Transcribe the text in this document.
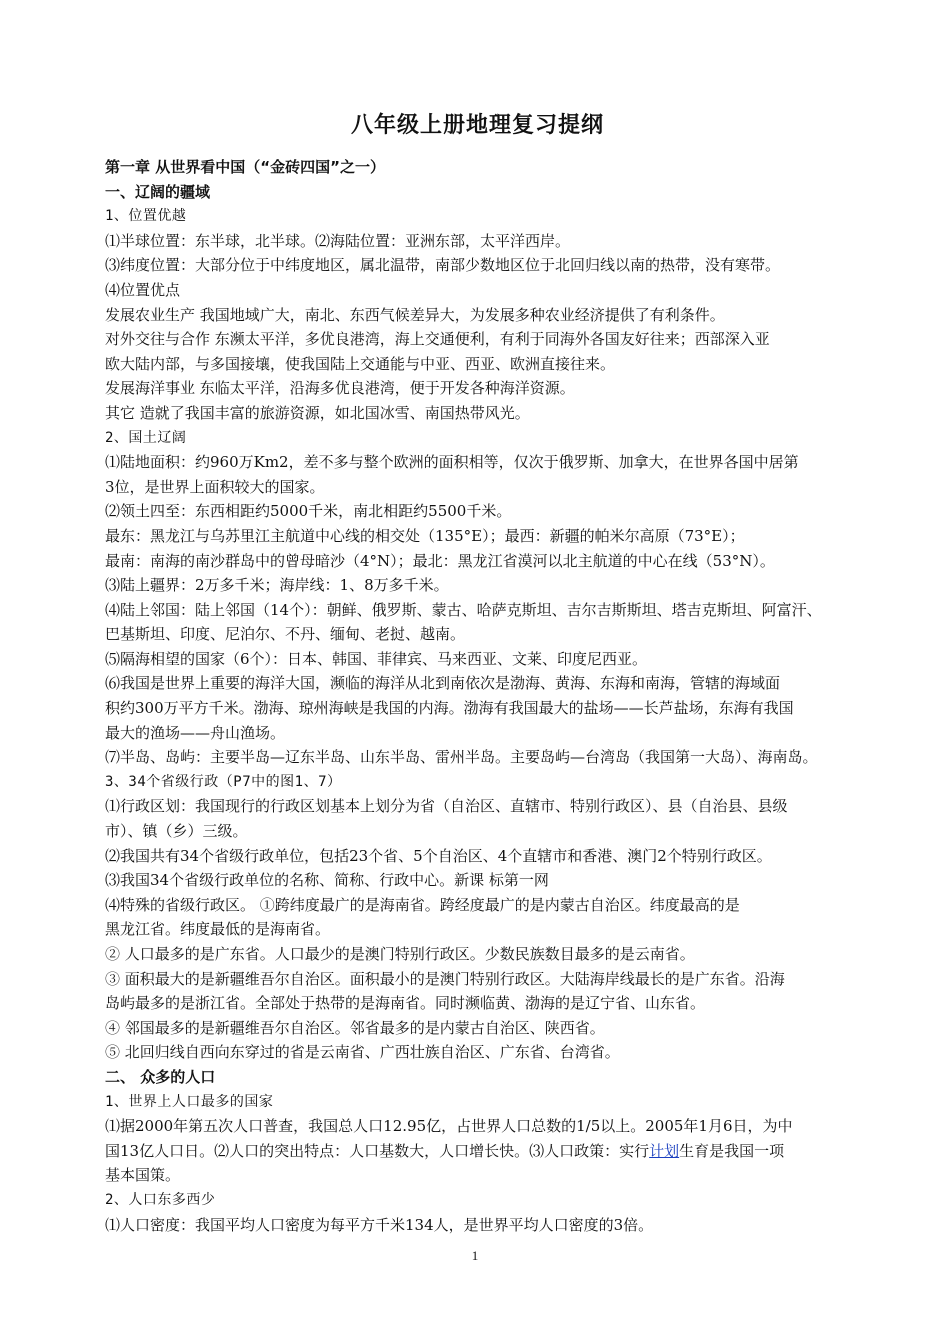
八年级上册地理复习提纲
第一章 从世界看中国（“金砖四国”之一）
一、辽阔的疆域
1、位置优越
⑴半球位置：东半球，北半球。⑵海陆位置：亚洲东部，太平洋西岸。
⑶纬度位置：大部分位于中纬度地区，属北温带，南部少数地区位于北回归线以南的热带，没有寒带。
⑷位置优点
发展农业生产 我国地域广大，南北、东西气候差异大，为发展多种农业经济提供了有利条件。
对外交往与合作 东濒太平洋，多优良港湾，海上交通便利，有利于同海外各国友好往来；西部深入亚
欧大陆内部，与多国接壤，使我国陆上交通能与中亚、西亚、欧洲直接往来。
发展海洋事业 东临太平洋，沿海多优良港湾，便于开发各种海洋资源。
其它 造就了我国丰富的旅游资源，如北国冰雪、南国热带风光。
2、国土辽阔
⑴陆地面积：约960万Km2，差不多与整个欧洲的面积相等，仅次于俄罗斯、加拿大，在世界各国中居第
3位，是世界上面积较大的国家。
⑵领土四至：东西相距约5000千米，南北相距约5500千米。
最东：黑龙江与乌苏里江主航道中心线的相交处（135°E）；最西：新疆的帕米尔高原（73°E）；
最南：南海的南沙群岛中的曾母暗沙（4°N）；最北：黑龙江省漠河以北主航道的中心在线（53°N）。
⑶陆上疆界：2万多千米；海岸线：1、8万多千米。
⑷陆上邻国：陆上邻国（14个）：朝鲜、俄罗斯、蒙古、哈萨克斯坦、吉尔吉斯斯坦、塔吉克斯坦、阿富汗、
巴基斯坦、印度、尼泊尔、不丹、缅甸、老挝、越南。
⑸隔海相望的国家（6个）：日本、韩国、菲律宾、马来西亚、文莱、印度尼西亚。
⑹我国是世界上重要的海洋大国，濒临的海洋从北到南依次是渤海、黄海、东海和南海，管辖的海域面
积约300万平方千米。渤海、琼州海峡是我国的内海。渤海有我国最大的盐场——长芦盐场，东海有我国
最大的渔场——舟山渔场。
⑺半岛、岛屿：主要半岛—辽东半岛、山东半岛、雷州半岛。主要岛屿—台湾岛（我国第一大岛）、海南岛。
3、34个省级行政（P7中的图1、7）
⑴行政区划：我国现行的行政区划基本上划分为省（自治区、直辖市、特别行政区）、县（自治县、县级
市）、镇（乡）三级。
⑵我国共有34个省级行政单位，包括23个省、5个自治区、4个直辖市和香港、澳门2个特别行政区。
⑶我国34个省级行政单位的名称、简称、行政中心。新课 标第一网
⑷特殊的省级行政区。 ①跨纬度最广的是海南省。跨经度最广的是内蒙古自治区。纬度最高的是
黑龙江省。纬度最低的是海南省。
② 人口最多的是广东省。人口最少的是澳门特别行政区。少数民族数目最多的是云南省。
③ 面积最大的是新疆维吾尔自治区。面积最小的是澳门特别行政区。大陆海岸线最长的是广东省。沿海
岛屿最多的是浙江省。全部处于热带的是海南省。同时濒临黄、渤海的是辽宁省、山东省。
④ 邻国最多的是新疆维吾尔自治区。邻省最多的是内蒙古自治区、陕西省。
⑤ 北回归线自西向东穿过的省是云南省、广西壮族自治区、广东省、台湾省。
二、 众多的人口
1、世界上人口最多的国家
⑴据2000年第五次人口普查，我国总人口12.95亿，占世界人口总数的1/5以上。2005年1月6日，为中
国13亿人口日。⑵人口的突出特点：人口基数大，人口增长快。⑶人口政策：实行计划生育是我国一项
基本国策。
2、人口东多西少
⑴人口密度：我国平均人口密度为每平方千米134人，是世界平均人口密度的3倍。
1
